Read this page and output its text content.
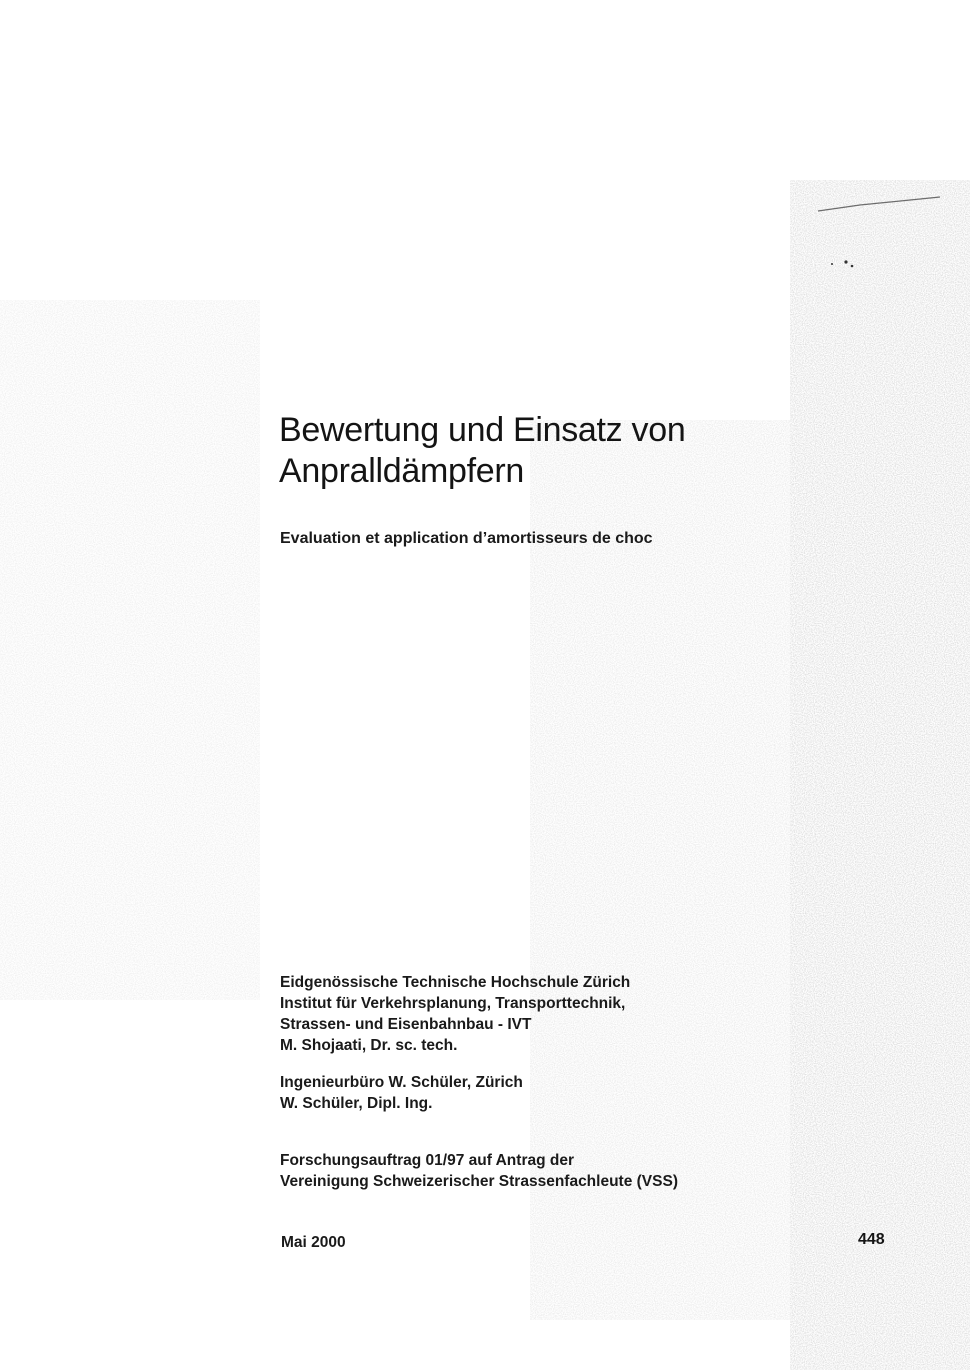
Bewertung und Einsatz von
Anpralldämpfern

Evaluation et application d’amortisseurs de choc

Eidgenössische Technische Hochschule Zürich
Institut für Verkehrsplanung, Transporttechnik,
Strassen- und Eisenbahnbau - IVT
M. Shojaati, Dr. sc. tech.

Ingenieurbüro W. Schüler, Zürich
W. Schüler, Dipl. Ing.

Forschungsauftrag 01/97 auf Antrag der
Vereinigung Schweizerischer Strassenfachleute (VSS)

Mai 2000	448
